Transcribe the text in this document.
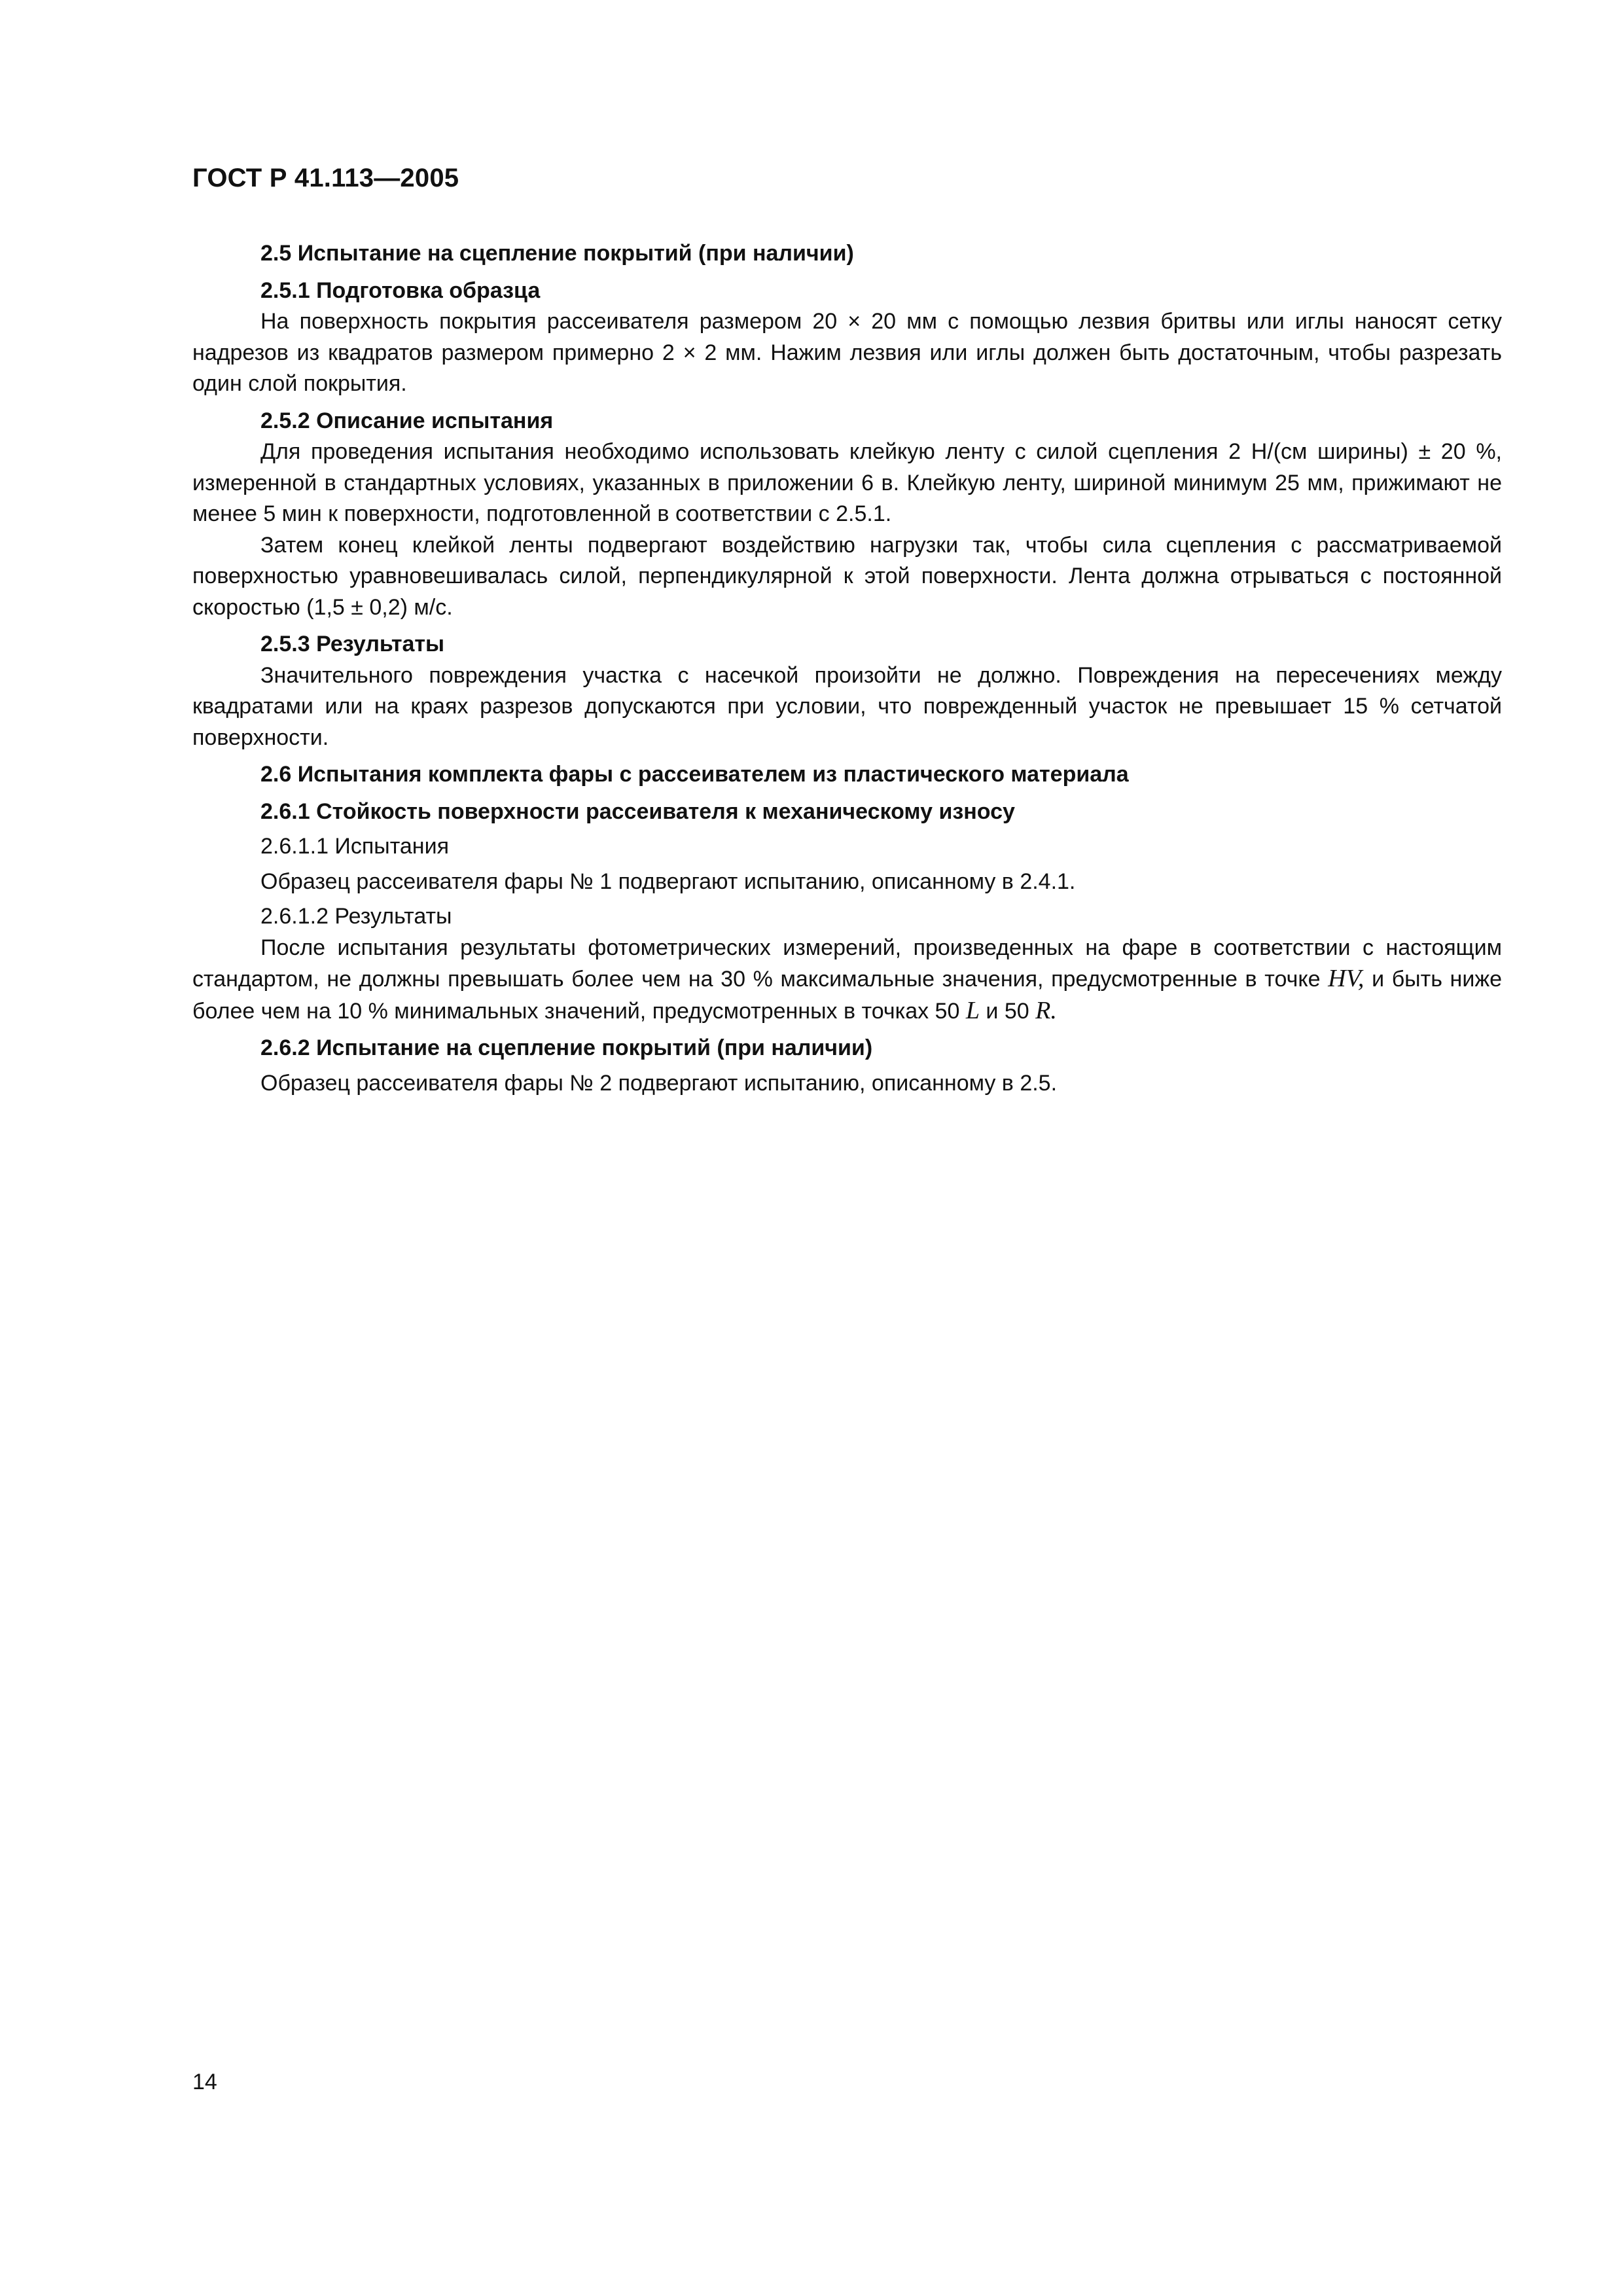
ГОСТ Р 41.113—2005

2.5 Испытание на сцепление покрытий (при наличии)

2.5.1 Подготовка образца

На поверхность покрытия рассеивателя размером 20 × 20 мм с помощью лезвия бритвы или иглы наносят сетку надрезов из квадратов размером примерно 2 × 2 мм. Нажим лезвия или иглы должен быть достаточным, чтобы разрезать один слой покрытия.

2.5.2 Описание испытания

Для проведения испытания необходимо использовать клейкую ленту с силой сцепления 2 Н/(см ширины) ± 20 %, измеренной в стандартных условиях, указанных в приложении 6 в. Клейкую ленту, шириной минимум 25 мм, прижимают не менее 5 мин к поверхности, подготовленной в соответствии с 2.5.1.

Затем конец клейкой ленты подвергают воздействию нагрузки так, чтобы сила сцепления с рассматриваемой поверхностью уравновешивалась силой, перпендикулярной к этой поверхности. Лента должна отрываться с постоянной скоростью (1,5 ± 0,2) м/с.

2.5.3 Результаты

Значительного повреждения участка с насечкой произойти не должно. Повреждения на пересечениях между квадратами или на краях разрезов допускаются при условии, что поврежденный участок не превышает 15 % сетчатой поверхности.

2.6 Испытания комплекта фары с рассеивателем из пластического материала

2.6.1 Стойкость поверхности рассеивателя к механическому износу

2.6.1.1 Испытания

Образец рассеивателя фары № 1 подвергают испытанию, описанному в 2.4.1.

2.6.1.2 Результаты

После испытания результаты фотометрических измерений, произведенных на фаре в соответствии с настоящим стандартом, не должны превышать более чем на 30 % максимальные значения, предусмотренные в точке HV, и быть ниже более чем на 10 % минимальных значений, предусмотренных в точках 50 L и 50 R.

2.6.2 Испытание на сцепление покрытий (при наличии)

Образец рассеивателя фары № 2 подвергают испытанию, описанному в 2.5.

14
